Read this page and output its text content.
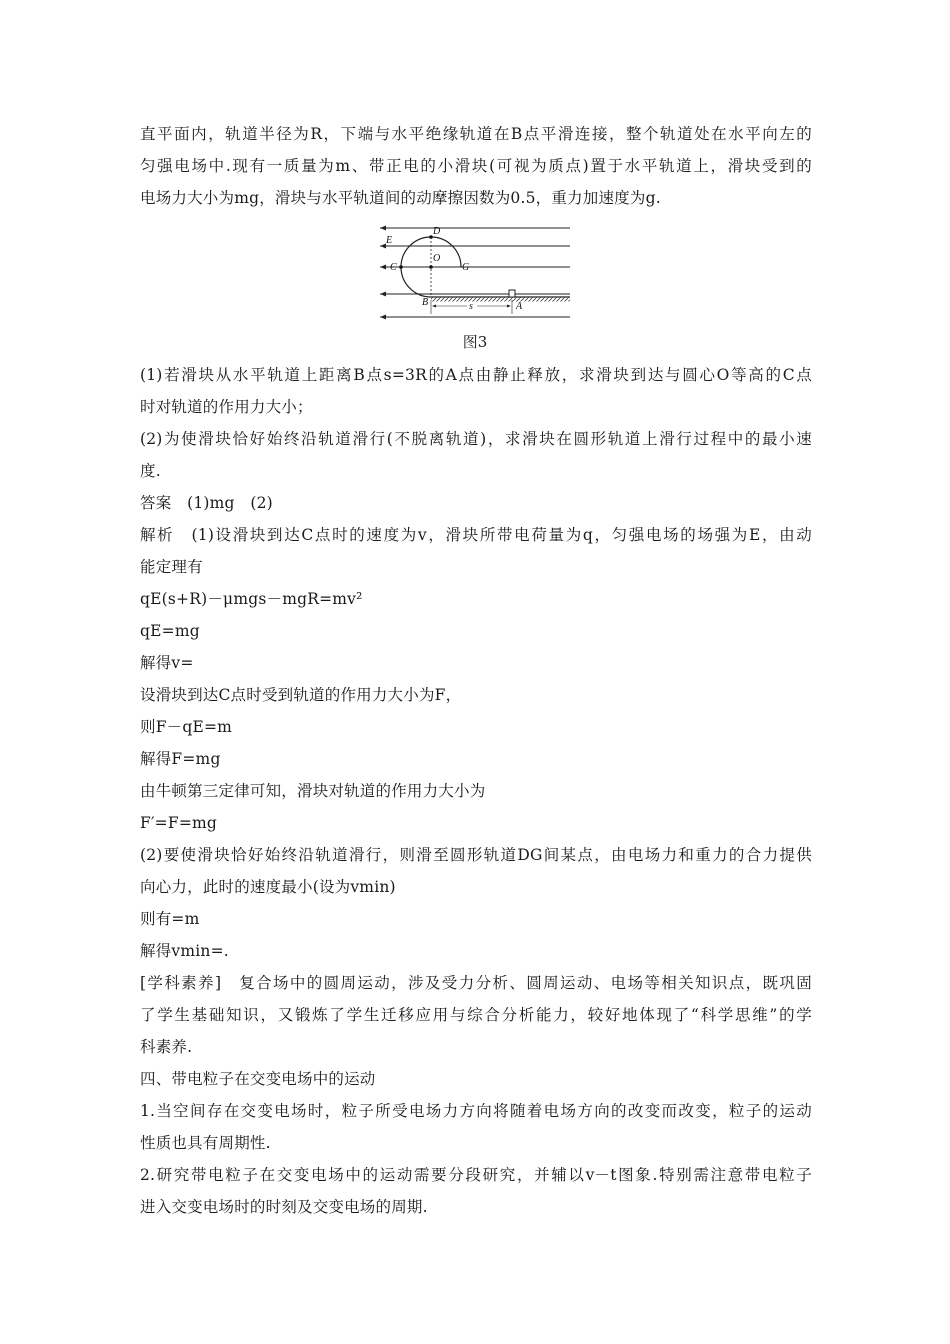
直平面内，轨道半径为R，下端与水平绝缘轨道在B点平滑连接，整个轨道处在水平向左的
匀强电场中.现有一质量为m、带正电的小滑块(可视为质点)置于水平轨道上，滑块受到的
电场力大小为mg，滑块与水平轨道间的动摩擦因数为0.5，重力加速度为g.
D
E
O
C	G
B	s	A
图3
(1)若滑块从水平轨道上距离B点s=3R的A点由静止释放，求滑块到达与圆心O等高的C点
时对轨道的作用力大小；
(2)为使滑块恰好始终沿轨道滑行(不脱离轨道)，求滑块在圆形轨道上滑行过程中的最小速
度.
答案　(1)mg　(2)
解析　(1)设滑块到达C点时的速度为v，滑块所带电荷量为q，匀强电场的场强为E，由动
能定理有
qE(s+R)－μmgs－mgR=mv²
qE=mg
解得v=
设滑块到达C点时受到轨道的作用力大小为F，
则F－qE=m
解得F=mg
由牛顿第三定律可知，滑块对轨道的作用力大小为
F′=F=mg
(2)要使滑块恰好始终沿轨道滑行，则滑至圆形轨道DG间某点，由电场力和重力的合力提供
向心力，此时的速度最小(设为vmin)
则有=m
解得vmin=.
[学科素养]　复合场中的圆周运动，涉及受力分析、圆周运动、电场等相关知识点，既巩固
了学生基础知识，又锻炼了学生迁移应用与综合分析能力，较好地体现了“科学思维”的学
科素养.
四、带电粒子在交变电场中的运动
1.当空间存在交变电场时，粒子所受电场力方向将随着电场方向的改变而改变，粒子的运动
性质也具有周期性.
2.研究带电粒子在交变电场中的运动需要分段研究，并辅以v－t图象.特别需注意带电粒子
进入交变电场时的时刻及交变电场的周期.
